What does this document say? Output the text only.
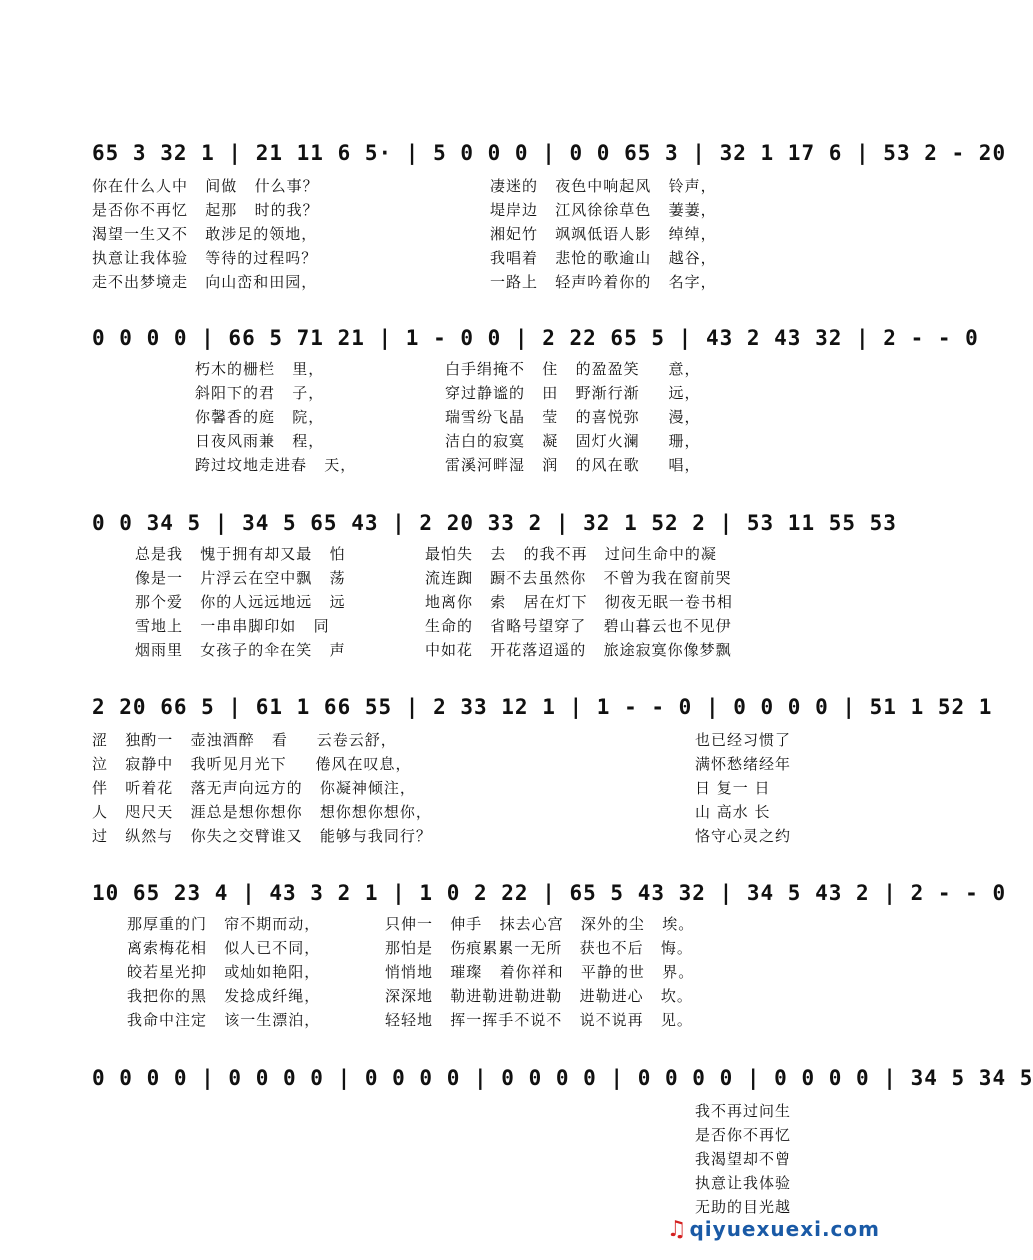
65 3 32 1 | 21 11 6 5· | 5 0 0 0 | 0 0 65 3 | 32 1 17 6 | 53 2 - 20
你在什么人中   间做   什么事？
是否你不再忆   起那   时的我？
渴望一生又不   敢涉足的领地，
执意让我体验   等待的过程吗？
走不出梦境走   向山峦和田园，
凄迷的   夜色中响起风   铃声，
堤岸边   江风徐徐草色   萋萋，
湘妃竹   飒飒低语人影   绰绰，
我唱着   悲怆的歌逾山   越谷，
一路上   轻声吟着你的   名字，
0 0 0 0 | 66 5 71 21 | 1 - 0 0 | 2 22 65 5 | 43 2 43 32 | 2 - - 0
朽木的栅栏   里，
斜阳下的君   子，
你馨香的庭   院，
日夜风雨兼   程，
跨过坟地走进春   天，
白手绢掩不   住   的盈盈笑     意，
穿过静谧的   田   野渐行渐     远，
瑞雪纷飞晶   莹   的喜悦弥     漫，
洁白的寂寞   凝   固灯火澜     珊，
雷溪河畔湿   润   的风在歌     唱，
0 0 34 5 | 34 5 65 43 | 2 20 33 2 | 32 1 52 2 | 53 11 55 53
总是我   愧于拥有却又最   怕
像是一   片浮云在空中飘   荡
那个爱   你的人远远地远   远
雪地上   一串串脚印如   同
烟雨里   女孩子的伞在笑   声
最怕失   去   的我不再   过问生命中的凝
流连踟   蹰不去虽然你   不曾为我在窗前哭
地离你   索   居在灯下   彻夜无眠一卷书相
生命的   省略号望穿了   碧山暮云也不见伊
中如花   开花落迢遥的   旅途寂寞你像梦飘
2 20 66 5 | 61 1 66 55 | 2 33 12 1 | 1 - - 0 | 0 0 0 0 | 51 1 52 1
涩   独酌一   壶浊酒醉   看     云卷云舒，
泣   寂静中   我听见月光下     倦风在叹息，
伴   听着花   落无声向远方的   你凝神倾注，
人   咫尺天   涯总是想你想你   想你想你想你，
过   纵然与   你失之交臂谁又   能够与我同行？
也已经习惯了
满怀愁绪经年
日 复一 日
山 高水 长
恪守心灵之约
10 65 23 4 | 43 3 2 1 | 1 0 2 22 | 65 5 43 32 | 34 5 43 2 | 2 - - 0
那厚重的门   帘不期而动，
离索梅花相   似人已不同，
皎若星光抑   或灿如艳阳，
我把你的黑   发捻成纤绳，
我命中注定   该一生漂泊，
只伸一   伸手   抹去心宫   深外的尘   埃。
那怕是   伤痕累累一无所   获也不后   悔。
悄悄地   璀璨   着你祥和   平静的世   界。
深深地   勒进勒进勒进勒   进勒进心   坎。
轻轻地   挥一挥手不说不   说不说再   见。
0 0 0 0 | 0 0 0 0 | 0 0 0 0 | 0 0 0 0 | 0 0 0 0 | 0 0 0 0 | 34 5 34 5
我不再过问生
是否你不再忆
我渴望却不曾
执意让我体验
无助的目光越
♫ qiyuexuexi.com
